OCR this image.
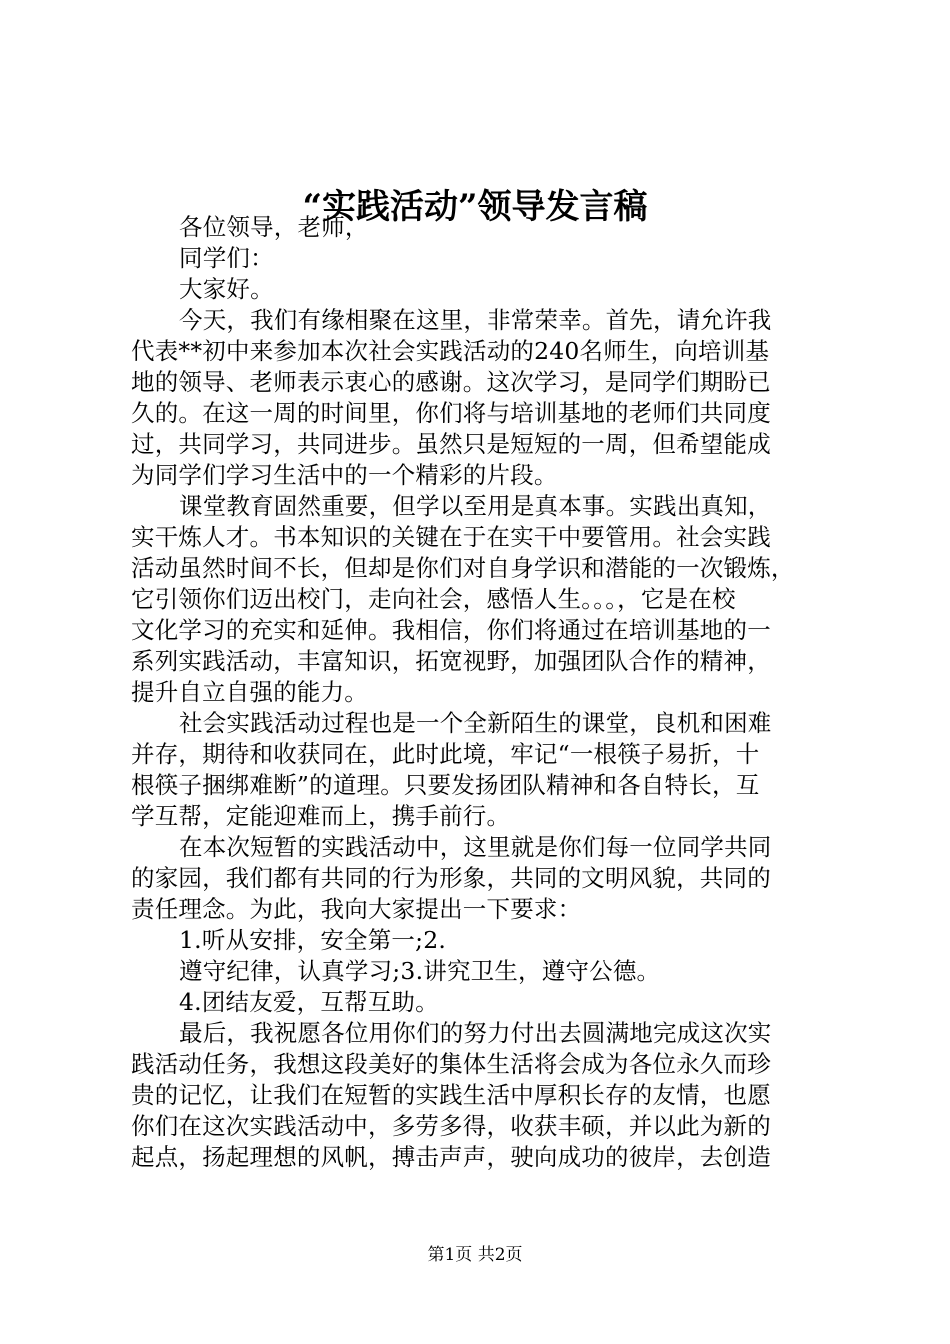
“实践活动”领导发言稿
各位领导，老师，
同学们：
大家好。
今天，我们有缘相聚在这里，非常荣幸。首先，请允许我
代表**初中来参加本次社会实践活动的240名师生，向培训基
地的领导、老师表示衷心的感谢。这次学习，是同学们期盼已
久的。在这一周的时间里，你们将与培训基地的老师们共同度
过，共同学习，共同进步。虽然只是短短的一周，但希望能成
为同学们学习生活中的一个精彩的片段。
课堂教育固然重要，但学以至用是真本事。实践出真知，
实干炼人才。书本知识的关键在于在实干中要管用。社会实践
活动虽然时间不长，但却是你们对自身学识和潜能的一次锻炼，
它引领你们迈出校门，走向社会，感悟人生。。。，它是在校
文化学习的充实和延伸。我相信，你们将通过在培训基地的一
系列实践活动，丰富知识，拓宽视野，加强团队合作的精神，
提升自立自强的能力。
社会实践活动过程也是一个全新陌生的课堂，良机和困难
并存，期待和收获同在，此时此境，牢记“一根筷子易折，十
根筷子捆绑难断”的道理。只要发扬团队精神和各自特长，互
学互帮，定能迎难而上，携手前行。
在本次短暂的实践活动中，这里就是你们每一位同学共同
的家园，我们都有共同的行为形象，共同的文明风貌，共同的
责任理念。为此，我向大家提出一下要求：
1.听从安排，安全第一;2.
遵守纪律，认真学习;3.讲究卫生，遵守公德。
4.团结友爱，互帮互助。
最后，我祝愿各位用你们的努力付出去圆满地完成这次实
践活动任务，我想这段美好的集体生活将会成为各位永久而珍
贵的记忆，让我们在短暂的实践生活中厚积长存的友情，也愿
你们在这次实践活动中，多劳多得，收获丰硕，并以此为新的
起点，扬起理想的风帆，搏击声声，驶向成功的彼岸，去创造
第1页 共2页
